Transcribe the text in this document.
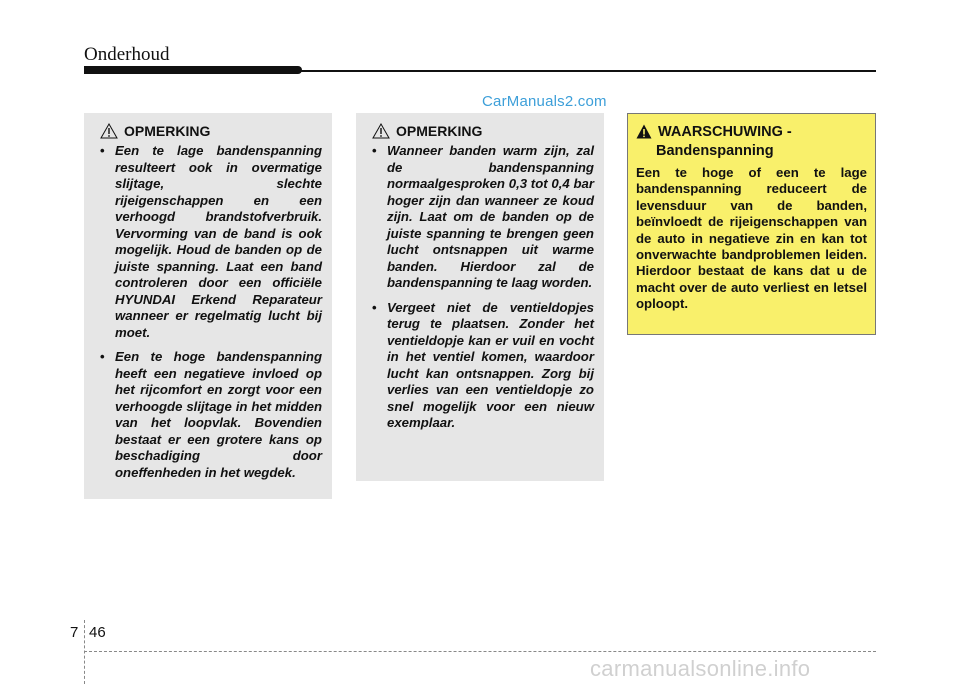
Onderhoud
CarManuals2.com
OPMERKING
• Een te lage bandenspanning resulteert ook in overmatige slijtage, slechte rijeigenschappen en een verhoogd brandstofverbruik. Vervorming van de band is ook mogelijk. Houd de banden op de juiste spanning. Laat een band controleren door een officiële HYUNDAI Erkend Reparateur wanneer er regelmatig lucht bij moet.
• Een te hoge bandenspanning heeft een negatieve invloed op het rijcomfort en zorgt voor een verhoogde slijtage in het midden van het loopvlak. Bovendien bestaat er een grotere kans op beschadiging door oneffenheden in het wegdek.
OPMERKING
• Wanneer banden warm zijn, zal de bandenspanning normaalgesproken 0,3 tot 0,4 bar hoger zijn dan wanneer ze koud zijn. Laat om de banden op de juiste spanning te brengen geen lucht ontsnappen uit warme banden. Hierdoor zal de bandenspanning te laag worden.
• Vergeet niet de ventieldopjes terug te plaatsen. Zonder het ventieldopje kan er vuil en vocht in het ventiel komen, waardoor lucht kan ontsnappen. Zorg bij verlies van een ventieldopje zo snel mogelijk voor een nieuw exemplaar.
WAARSCHUWING -
Bandenspanning
Een te hoge of een te lage bandenspanning reduceert de levensduur van de banden, beïnvloedt de rijeigenschappen van de auto in negatieve zin en kan tot onverwachte bandproblemen leiden. Hierdoor bestaat de kans dat u de macht over de auto verliest en letsel oploopt.
7 46
carmanualsonline.info
